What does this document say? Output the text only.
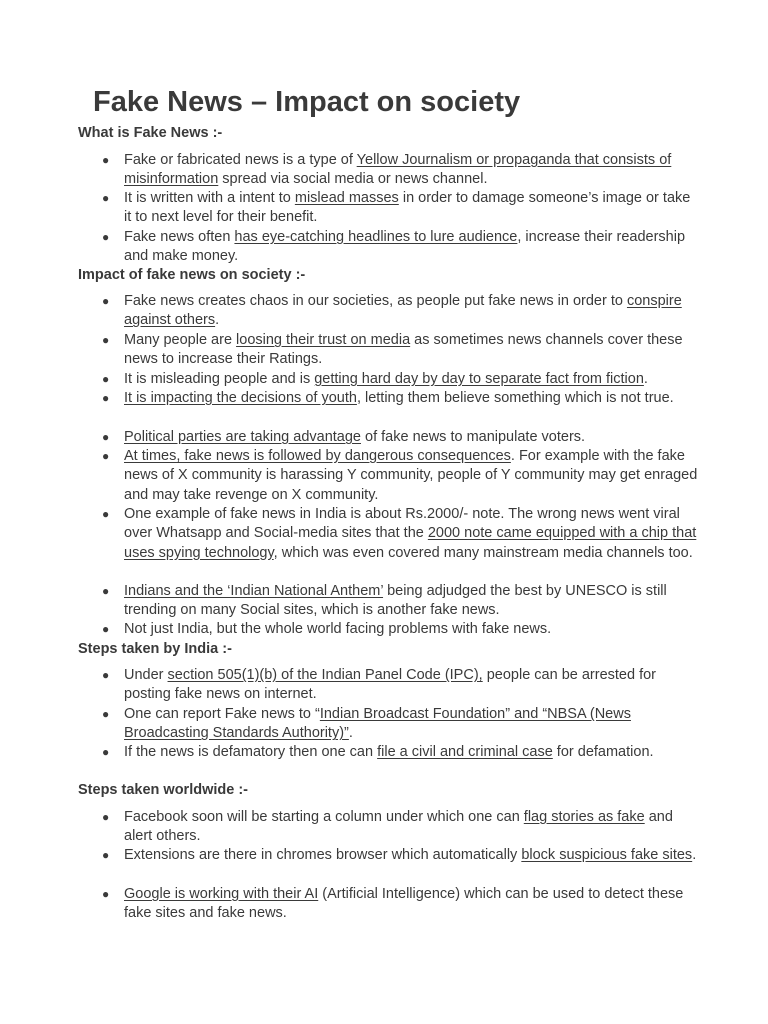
Fake News – Impact on society
What is Fake News :-
Impact of fake news on society :-
Steps taken by India :-
Steps taken worldwide :-
● Fake or fabricated news is a type of Yellow Journalism or propaganda that consists of misinformation spread via social media or news channel.
● It is written with a intent to mislead masses in order to damage someone’s image or take it to next level for their benefit.
● Fake news often has eye-catching headlines to lure audience, increase their readership and make money.
● Fake news creates chaos in our societies, as people put fake news in order to conspire against others.
● Many people are loosing their trust on media as sometimes news channels cover these news to increase their Ratings.
● It is misleading people and is getting hard day by day to separate fact from fiction.
● It is impacting the decisions of youth, letting them believe something which is not true.
● Political parties are taking advantage of fake news to manipulate voters.
● At times, fake news is followed by dangerous consequences. For example with the fake news of X community is harassing Y community, people of Y community may get enraged and may take revenge on X community.
● One example of fake news in India is about Rs.2000/- note. The wrong news went viral over Whatsapp and Social-media sites that the 2000 note came equipped with a chip that uses spying technology, which was even covered many mainstream media channels too.
● Indians and the ‘Indian National Anthem’ being adjudged the best by UNESCO is still trending on many Social sites, which is another fake news.
● Not just India, but the whole world facing problems with fake news.
● Under section 505(1)(b) of the Indian Panel Code (IPC), people can be arrested for posting fake news on internet.
● One can report Fake news to “Indian Broadcast Foundation” and “NBSA (News Broadcasting Standards Authority)”.
● If the news is defamatory then one can file a civil and criminal case for defamation.
● Facebook soon will be starting a column under which one can flag stories as fake and alert others.
● Extensions are there in chromes browser which automatically block suspicious fake sites.
● Google is working with their AI (Artificial Intelligence) which can be used to detect these fake sites and fake news.
